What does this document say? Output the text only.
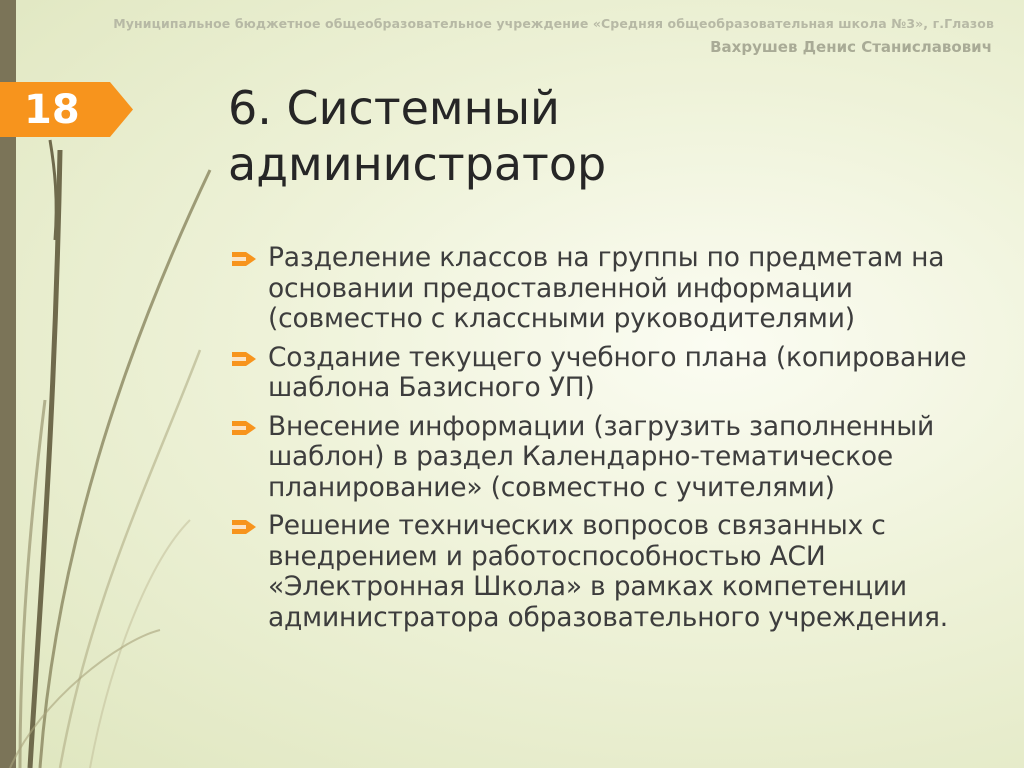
Муниципальное бюджетное общеобразовательное учреждение «Средняя общеобразовательная школа №3», г.Глазов
Вахрушев Денис Станиславович
18	6. Системный
администратор
Разделение классов на группы по предметам на основании предоставленной информации (совместно с классными руководителями)
Создание текущего учебного плана (копирование шаблона Базисного УП)
Внесение информации (загрузить заполненный шаблон) в раздел Календарно-тематическое планирование» (совместно с учителями)
Решение технических вопросов связанных с внедрением и работоспособностью АСИ «Электронная Школа» в рамках компетенции администратора образовательного учреждения.
